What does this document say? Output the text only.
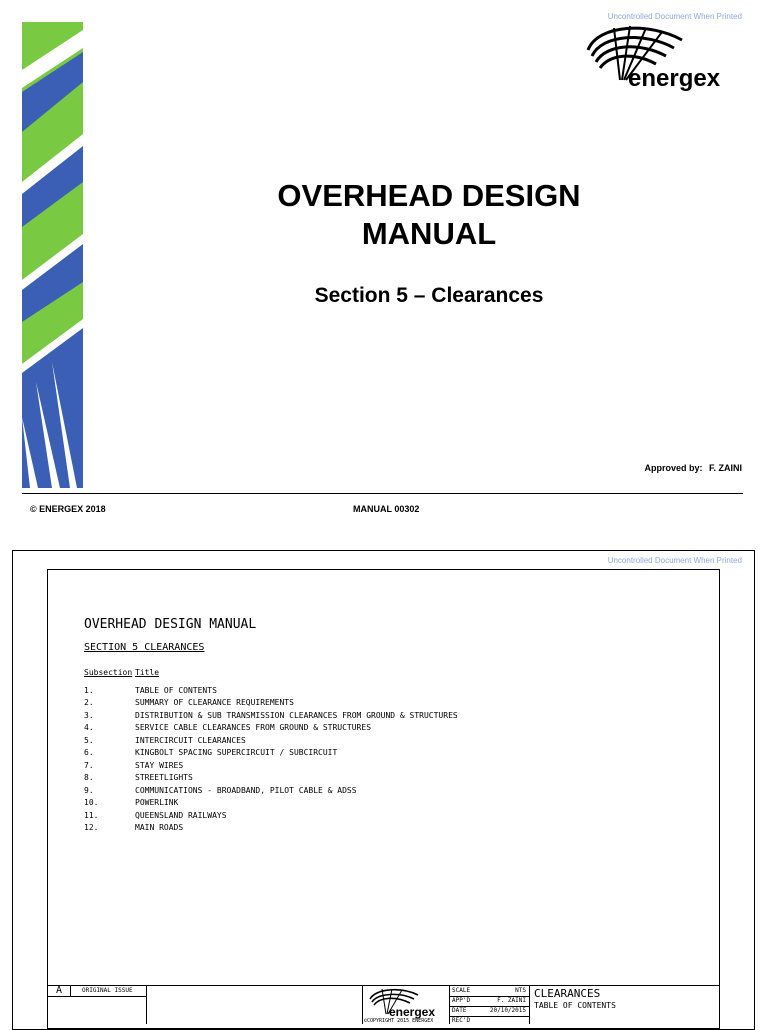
Uncontrolled Document When Printed
energex
OVERHEAD DESIGN
MANUAL
Section 5 – Clearances
Approved by: F. ZAINI
© ENERGEX 2018	MANUAL 00302
Uncontrolled Document When Printed
OVERHEAD DESIGN MANUAL
SECTION 5 CLEARANCES
Subsection Title
1.	TABLE OF CONTENTS
2.	SUMMARY OF CLEARANCE REQUIREMENTS
3.	DISTRIBUTION & SUB TRANSMISSION CLEARANCES FROM GROUND & STRUCTURES
4.	SERVICE CABLE CLEARANCES FROM GROUND & STRUCTURES
5.	INTERCIRCUIT CLEARANCES
6.	KINGBOLT SPACING SUPERCIRCUIT / SUBCIRCUIT
7.	STAY WIRES
8.	STREETLIGHTS
9.	COMMUNICATIONS - BROADBAND, PILOT CABLE & ADSS
10.	POWERLINK
11.	QUEENSLAND RAILWAYS
12.	MAIN ROADS
A	ORIGINAL ISSUE
energex
©COPYRIGHT 2015 ENERGEX
SCALE	NTS
APP'D	F. ZAINI
DATE	20/10/2015
REC'D
CLEARANCES
TABLE OF CONTENTS
